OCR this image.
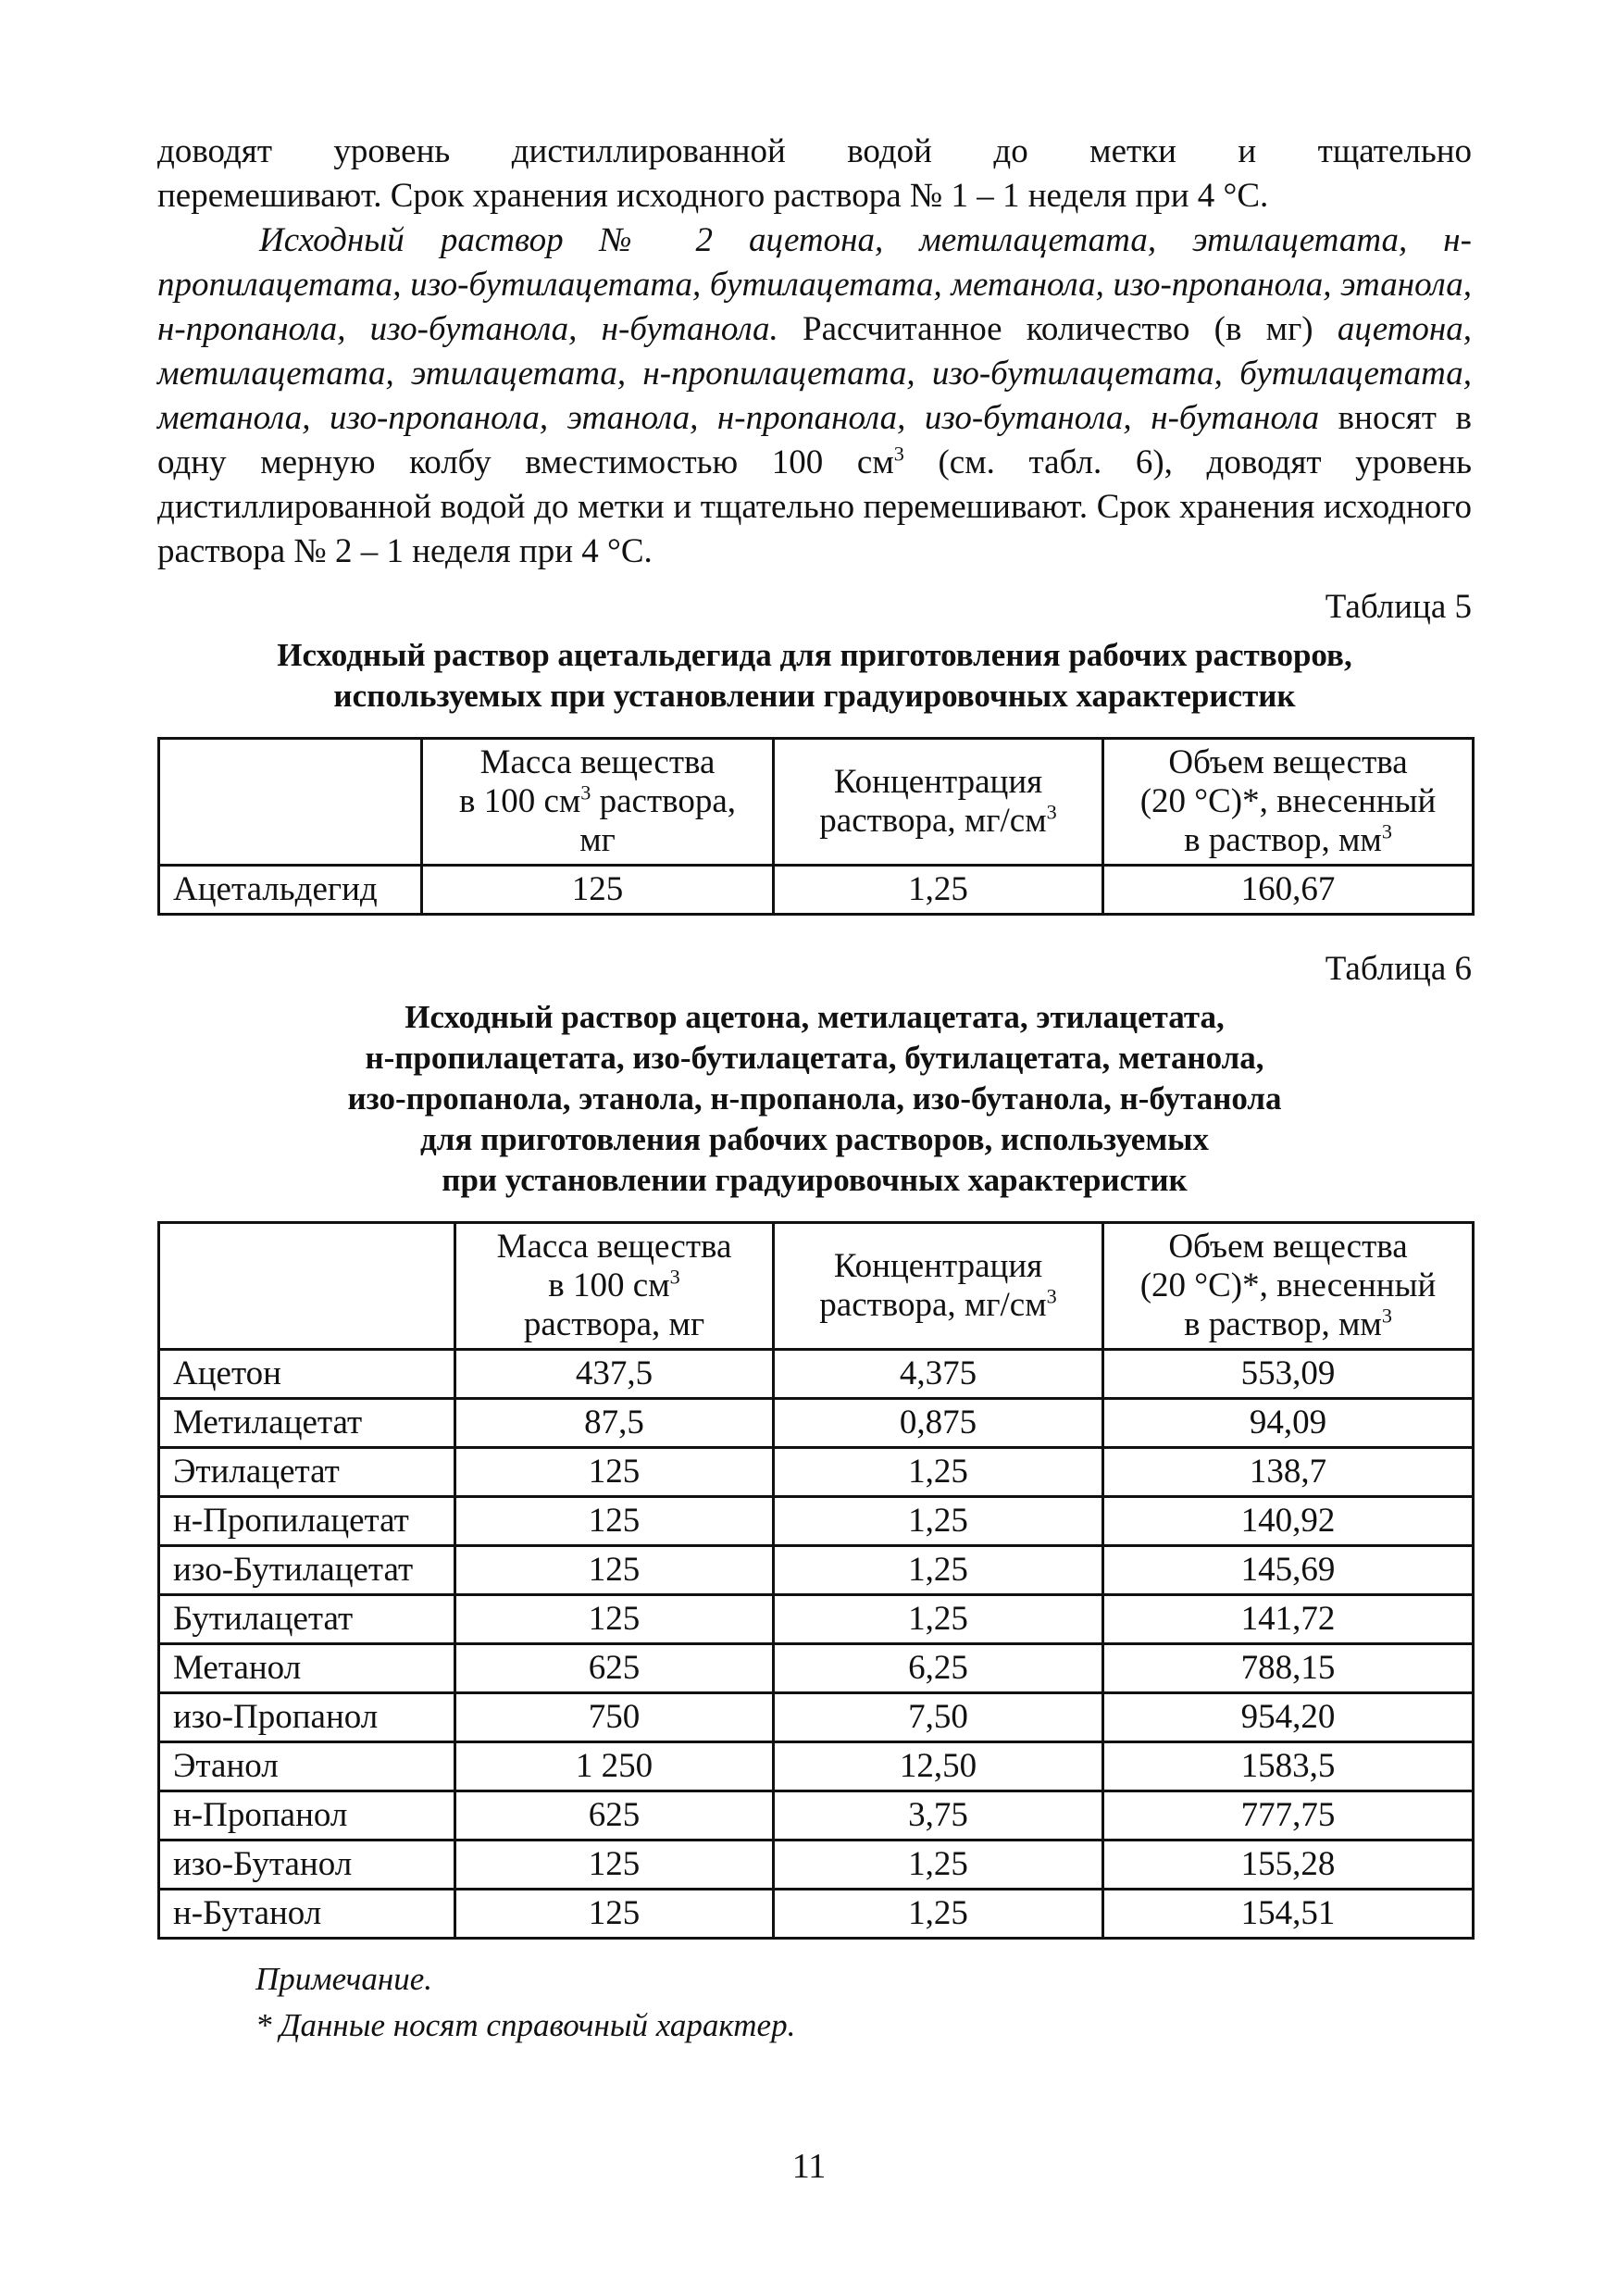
доводят уровень дистиллированной водой до метки и тщательно

перемешивают. Срок хранения исходного раствора № 1 – 1 неделя при 4 °C.

Исходный раствор № 2 ацетона, метилацетата, этилацетата, н-пропилацетата, изо-бутилацетата, бутилацетата, метанола, изо-пропанола, этанола, н-пропанола, изо-бутанола, н-бутанола. Рассчитанное количество (в мг) ацетона, метилацетата, этилацетата, н-пропилацетата, изо-бутилацетата, бутилацетата, метанола, изо-пропанола, этанола, н-пропанола, изо-бутанола, н-бутанола вносят в одну мерную колбу вместимостью 100 $см^3$ (см. табл. 6), доводят уровень дистиллированной водой до метки и тщательно перемешивают. Срок хранения исходного раствора № 2 – 1 неделя при 4 °C.

Таблица 5

Исходный раствор ацетальдегида для приготовления рабочих растворов,
используемых при установлении градуировочных характеристик
	Масса вещества
в 100 $см^3$ раствора,
мг	Концентрация
раствора, $мг/см^3$	Объем вещества
(20 °C)*, внесенный
в раствор, $мм^3$
Ацетальдегид	125	1,25	160,67

Таблица 6

Исходный раствор ацетона, метилацетата, этилацетата,
н-пропилацетата, изо-бутилацетата, бутилацетата, метанола,
изо-пропанола, этанола, н-пропанола, изо-бутанола, н-бутанола
для приготовления рабочих растворов, используемых
при установлении градуировочных характеристик
	Масса вещества
в 100 $см^3$
раствора, мг	Концентрация
раствора, $мг/см^3$	Объем вещества
(20 °C)*, внесенный
в раствор, $мм^3$
Ацетон	437,5	4,375	553,09
Метилацетат	87,5	0,875	94,09
Этилацетат	125	1,25	138,7
н-Пропилацетат	125	1,25	140,92
изо-Бутилацетат	125	1,25	145,69
Бутилацетат	125	1,25	141,72
Метанол	625	6,25	788,15
изо-Пропанол	750	7,50	954,20
Этанол	1 250	12,50	1583,5
н-Пропанол	625	3,75	777,75
изо-Бутанол	125	1,25	155,28
н-Бутанол	125	1,25	154,51
Примечание.
* Данные носят справочный характер.
11
